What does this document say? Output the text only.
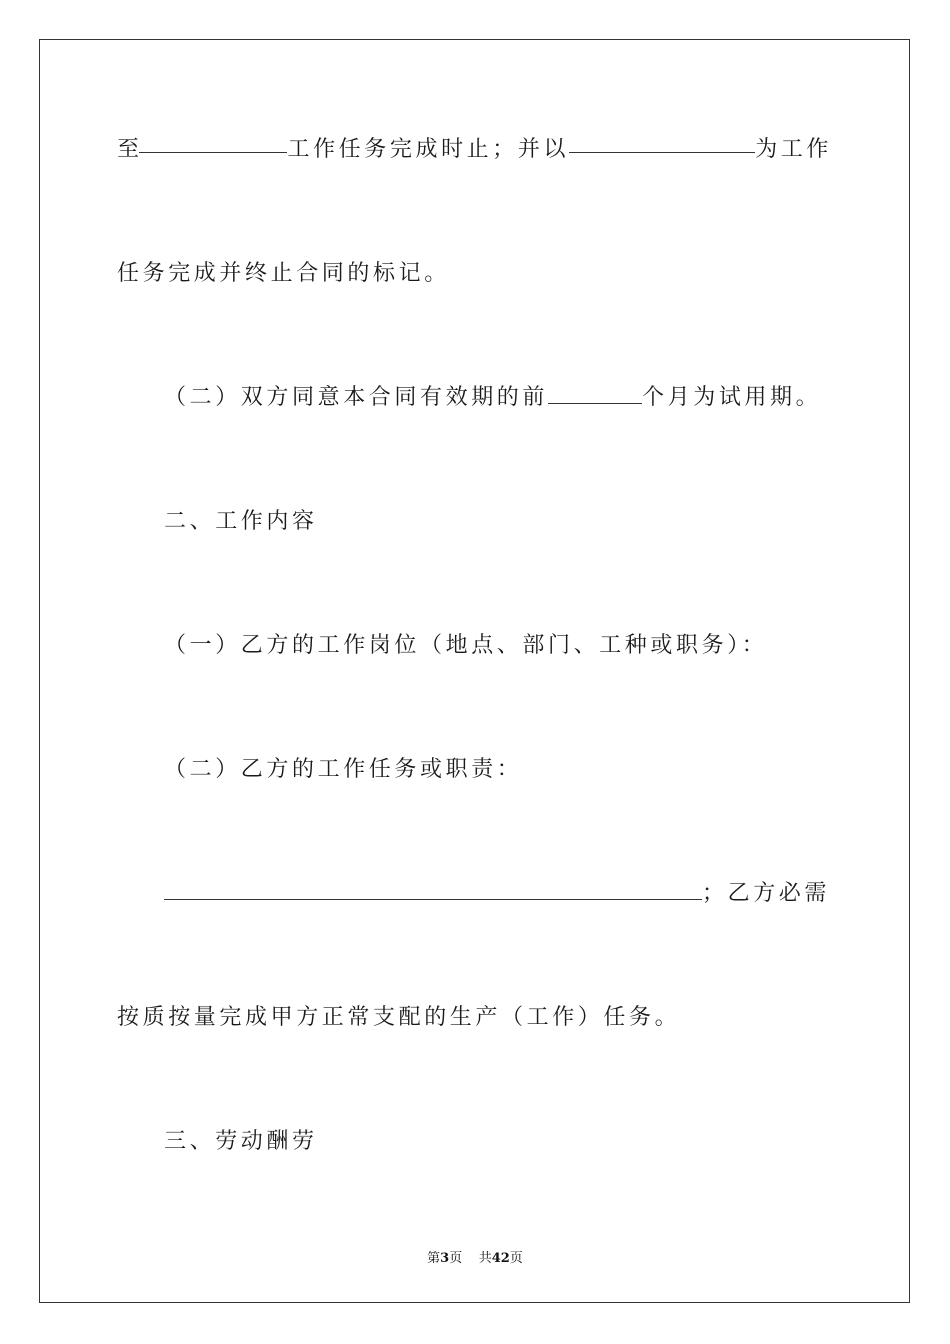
至	工作任务完成时止；并以	为工作
任务完成并终止合同的标记。
（二）双方同意本合同有效期的前	个月为试用期。
二、工作内容
（一）乙方的工作岗位（地点、部门、工种或职务）：
（二）乙方的工作任务或职责：
；乙方必需
按质按量完成甲方正常支配的生产（工作）任务。
三、劳动酬劳
第3页 共42页
